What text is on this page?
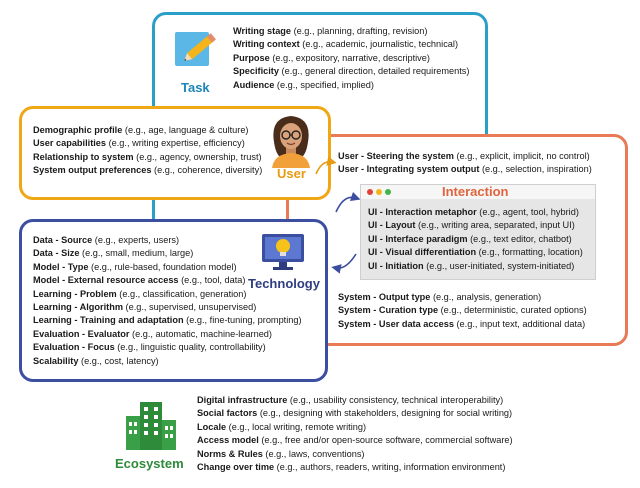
Task
Writing stage (e.g., planning, drafting, revision)
Writing context (e.g., academic, journalistic, technical)
Purpose (e.g., expository, narrative, descriptive)
Specificity (e.g., general direction, detailed requirements)
Audience (e.g., specified, implied)
Demographic profile (e.g., age, language & culture)
User capabilities (e.g., writing expertise, efficiency)
Relationship to system (e.g., agency, ownership, trust)
System output preferences (e.g., coherence, diversity) User
User - Steering the system (e.g., explicit, implicit, no control)
User - Integrating system output (e.g., selection, inspiration)
Interaction
UI - Interaction metaphor (e.g., agent, tool, hybrid)
UI - Layout (e.g., writing area, separated, input UI)
UI - Interface paradigm (e.g., text editor, chatbot)
UI - Visual differentiation (e.g., formatting, location)
UI - Initiation (e.g., user-initiated, system-initiated)
System - Output type (e.g., analysis, generation)
System - Curation type (e.g., deterministic, curated options)
System - User data access (e.g., input text, additional data)
Data - Source (e.g., experts, users)
Data - Size (e.g., small, medium, large)
Model - Type (e.g., rule-based, foundation model)
Model - External resource access (e.g., tool, data)
Learning - Problem (e.g., classification, generation)
Learning - Algorithm (e.g., supervised, unsupervised)
Learning - Training and adaptation (e.g., fine-tuning, prompting)
Evaluation - Evaluator (e.g., automatic, machine-learned)
Evaluation - Focus (e.g., linguistic quality, controllability)
Scalability (e.g., cost, latency)
Technology
Ecosystem
Digital infrastructure (e.g., usability consistency, technical interoperability)
Social factors (e.g., designing with stakeholders, designing for social writing)
Locale (e.g., local writing, remote writing)
Access model (e.g., free and/or open-source software, commercial software)
Norms & Rules (e.g., laws, conventions)
Change over time (e.g., authors, readers, writing, information environment)
